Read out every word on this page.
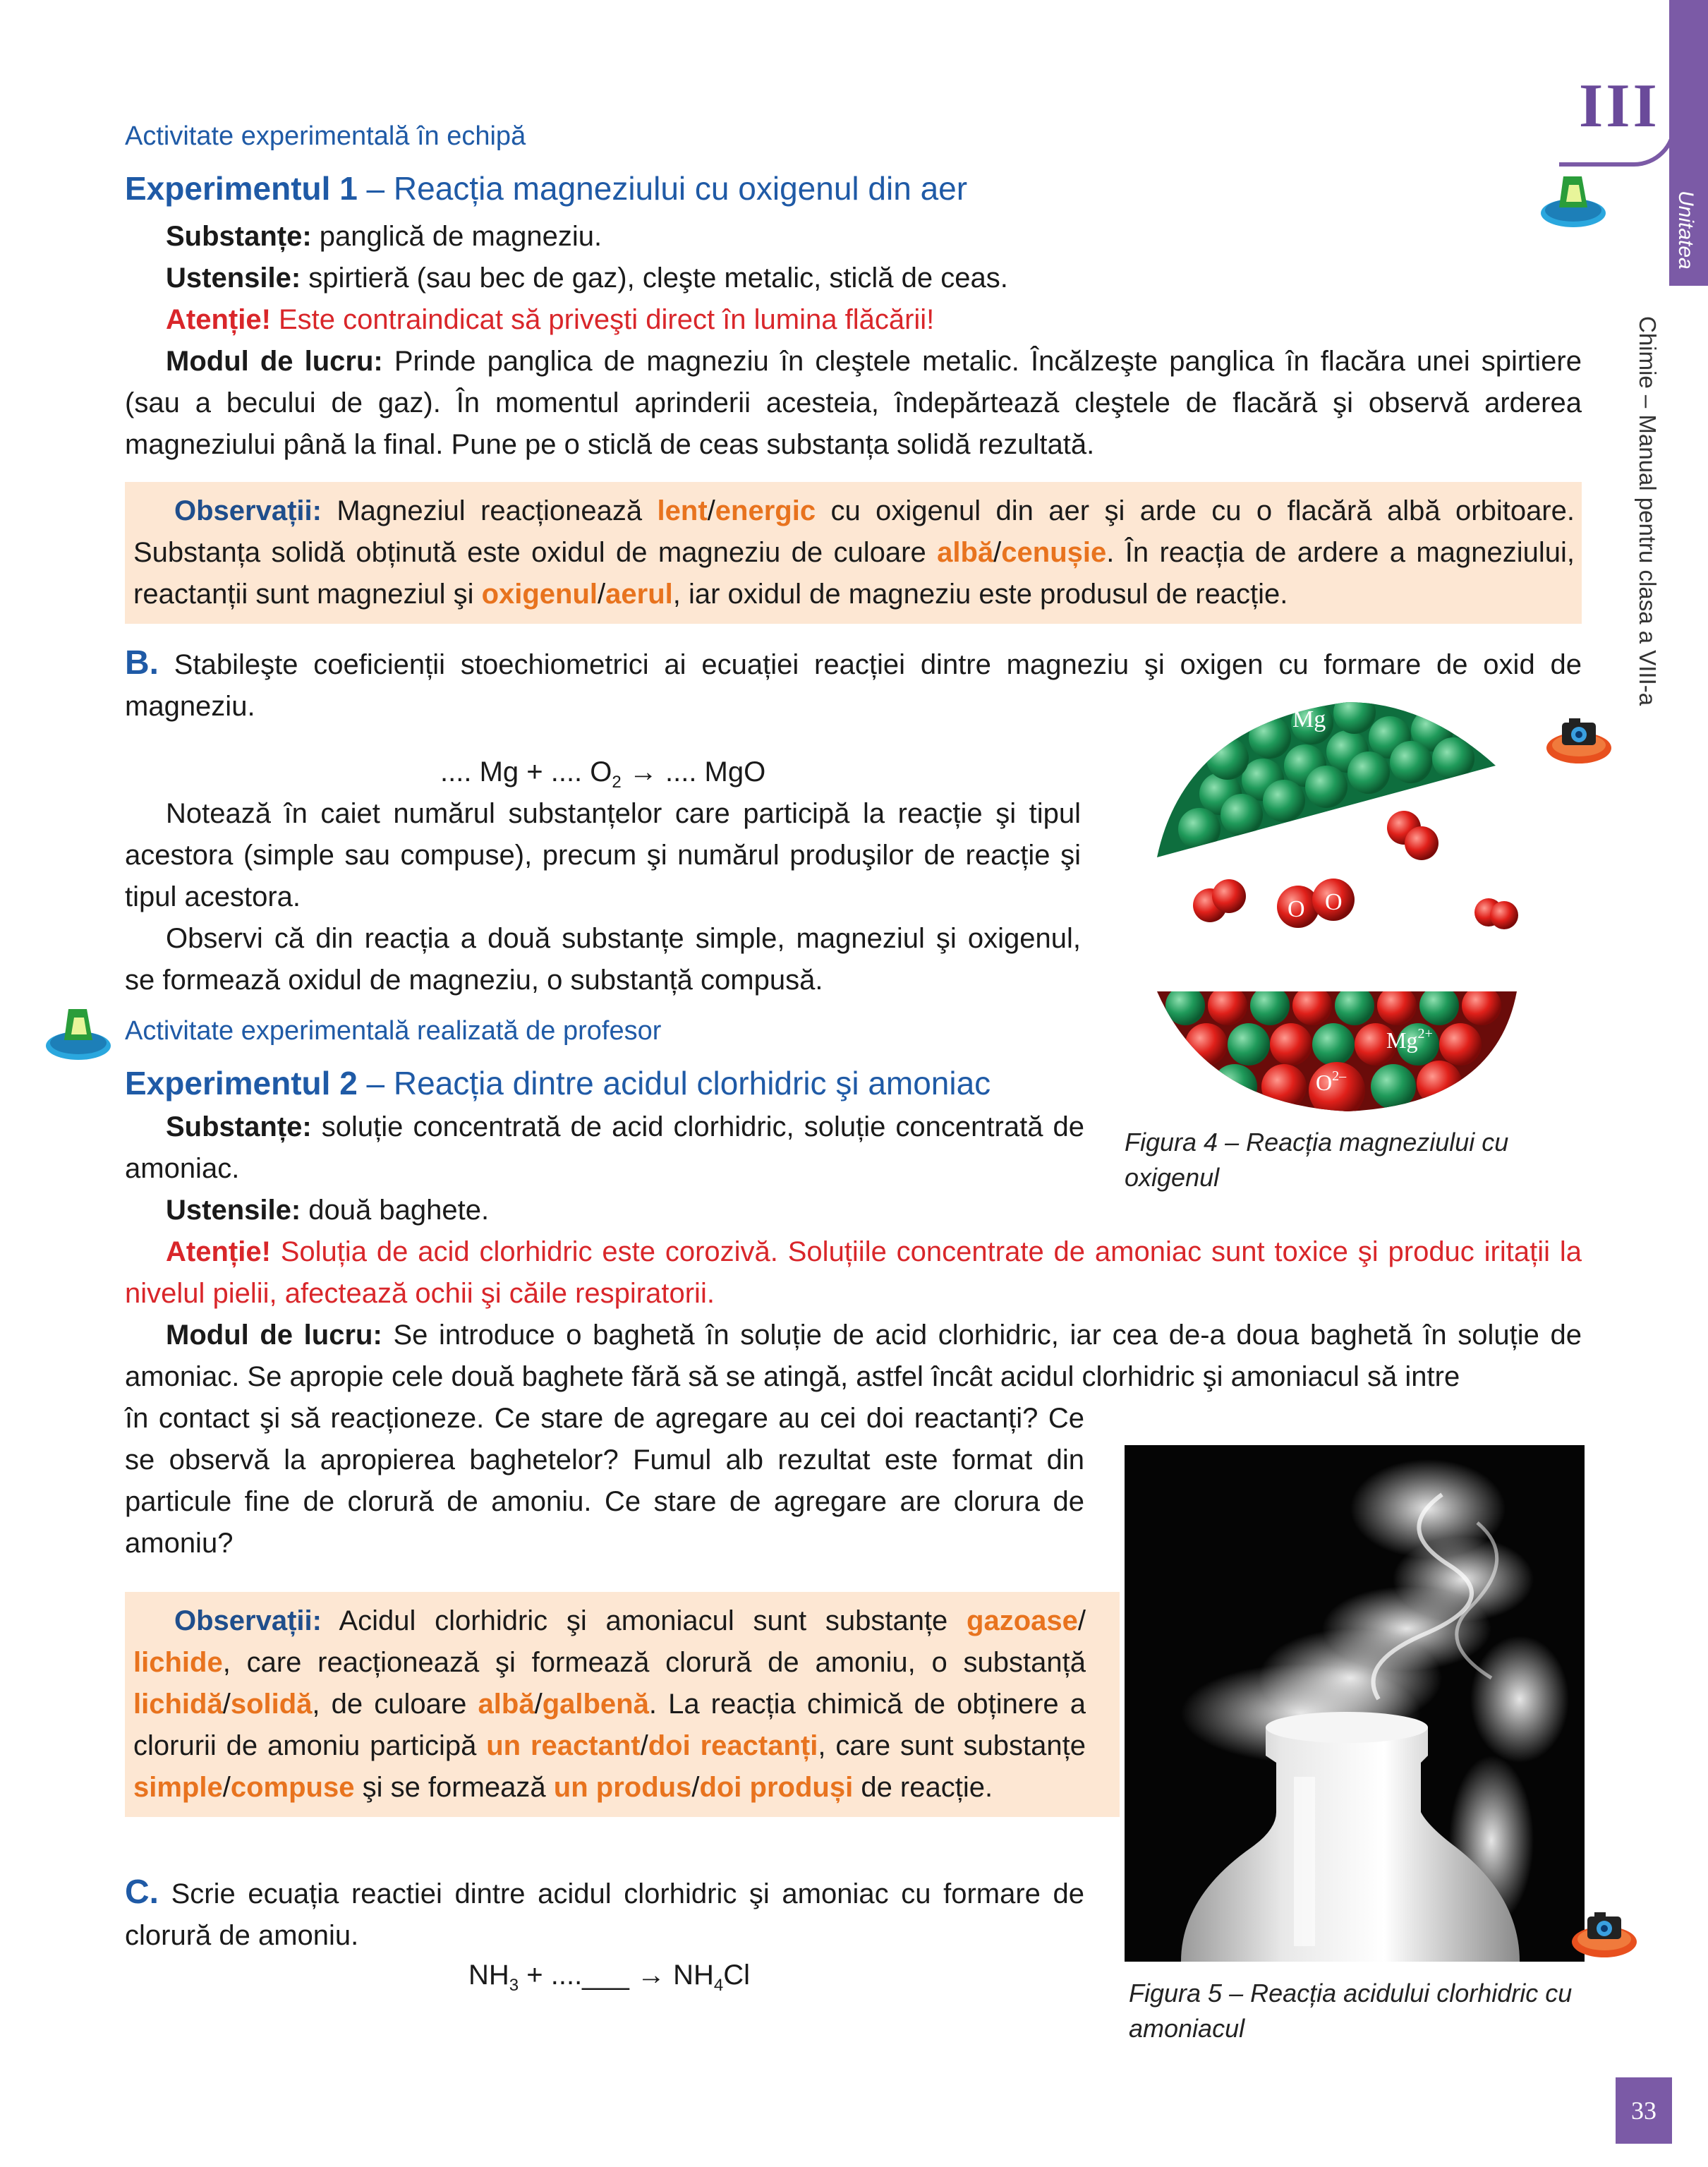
III
Unitatea
Chimie – Manual pentru clasa a VIII-a
33
Activitate experimentală în echipă
Experimentul 1 – Reacția magneziului cu oxigenul din aer
Substanțe: panglică de magneziu.
Ustensile: spirtieră (sau bec de gaz), cleşte metalic, sticlă de ceas.
Atenție! Este contraindicat să priveşti direct în lumina flăcării!
Modul de lucru: Prinde panglica de magneziu în cleştele metalic. Încălzeşte panglica în flacăra unei spirtiere (sau a becului de gaz). În momentul aprinderii acesteia, îndepărtează cleştele de flacără şi observă arderea magneziului până la final. Pune pe o sticlă de ceas substanța solidă rezultată.
Observații: Magneziul reacționează lent/energic cu oxigenul din aer şi arde cu o flacără albă orbitoare. Substanța solidă obținută este oxidul de magneziu de culoare albă/cenușie. În reacția de ardere a magneziului, reactanții sunt magneziul şi oxigenul/aerul, iar oxidul de magneziu este produsul de reacție.
B. Stabileşte coeficienții stoechiometrici ai ecuației reacției dintre magneziu şi oxigen cu formare de oxid de magneziu.
.... Mg + .... $O_2$ → .... MgO
Notează în caiet numărul substanțelor care participă la reacție şi tipul acestora (simple sau compuse), precum şi numărul produşilor de reacție şi tipul acestora.
Observi că din reacția a două substanțe simple, magneziul şi oxigenul, se formează oxidul de magneziu, o substanță compusă.
Mg
O O
$Mg^{2+}$
$O^{2-}$
Figura 4 – Reacția magneziului cu oxigenul
Activitate experimentală realizată de profesor
Experimentul 2 – Reacția dintre acidul clorhidric şi amoniac
Substanțe: soluție concentrată de acid clorhidric, soluție concentrată de amoniac.
Ustensile: două baghete.
Atenție! Soluția de acid clorhidric este corozivă. Soluțiile concentrate de amoniac sunt toxice şi produc iritații la nivelul pielii, afectează ochii şi căile respiratorii.
Modul de lucru: Se introduce o baghetă în soluție de acid clorhidric, iar cea de-a doua baghetă în soluție de amoniac. Se apropie cele două baghete fără să se atingă, astfel încât acidul clorhidric şi amoniacul să intre
în contact şi să reacționeze. Ce stare de agregare au cei doi reactanți? Ce se observă la apropierea baghetelor? Fumul alb rezultat este format din particule fine de clorură de amoniu. Ce stare de agregare are clorura de amoniu?
Observații: Acidul clorhidric şi amoniacul sunt substanțe gazoase/ lichide, care reacționează şi formează clorură de amoniu, o substanță lichidă/solidă, de culoare albă/galbenă. La reacția chimică de obținere a clorurii de amoniu participă un reactant/doi reactanți, care sunt substanțe simple/compuse şi se formează un produs/doi produși de reacție.
Figura 5 – Reacția acidului clorhidric cu amoniacul
C. Scrie ecuația reactiei dintre acidul clorhidric şi amoniac cu formare de clorură de amoniu.
$NH_3$ + ....___ → $NH_4Cl$
